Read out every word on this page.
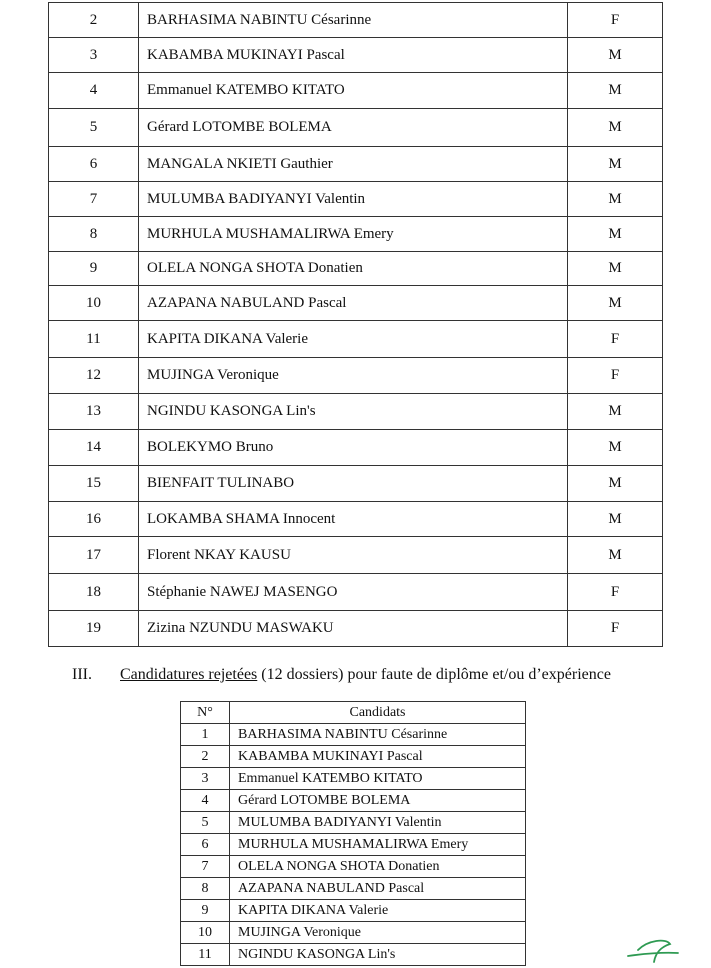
2	BARHASIMA NABINTU Césarinne	F
3	KABAMBA MUKINAYI Pascal	M
4	Emmanuel KATEMBO KITATO	M
5	Gérard LOTOMBE BOLEMA	M
6	MANGALA NKIETI Gauthier	M
7	MULUMBA BADIYANYI Valentin	M
8	MURHULA MUSHAMALIRWA Emery	M
9	OLELA NONGA SHOTA Donatien	M
10	AZAPANA NABULAND Pascal	M
11	KAPITA DIKANA Valerie	F
12	MUJINGA Veronique	F
13	NGINDU KASONGA Lin's	M
14	BOLEKYMO Bruno	M
15	BIENFAIT TULINABO	M
16	LOKAMBA SHAMA Innocent	M
17	Florent NKAY KAUSU	M
18	Stéphanie NAWEJ MASENGO	F
19	Zizina NZUNDU MASWAKU	F
III. Candidatures rejetées (12 dossiers) pour faute de diplôme et/ou d’expérience
N°	Candidats
1	BARHASIMA NABINTU Césarinne
2	KABAMBA MUKINAYI Pascal
3	Emmanuel KATEMBO KITATO
4	Gérard LOTOMBE BOLEMA
5	MULUMBA BADIYANYI Valentin
6	MURHULA MUSHAMALIRWA Emery
7	OLELA NONGA SHOTA Donatien
8	AZAPANA NABULAND Pascal
9	KAPITA DIKANA Valerie
10	MUJINGA Veronique
11	NGINDU KASONGA Lin's
